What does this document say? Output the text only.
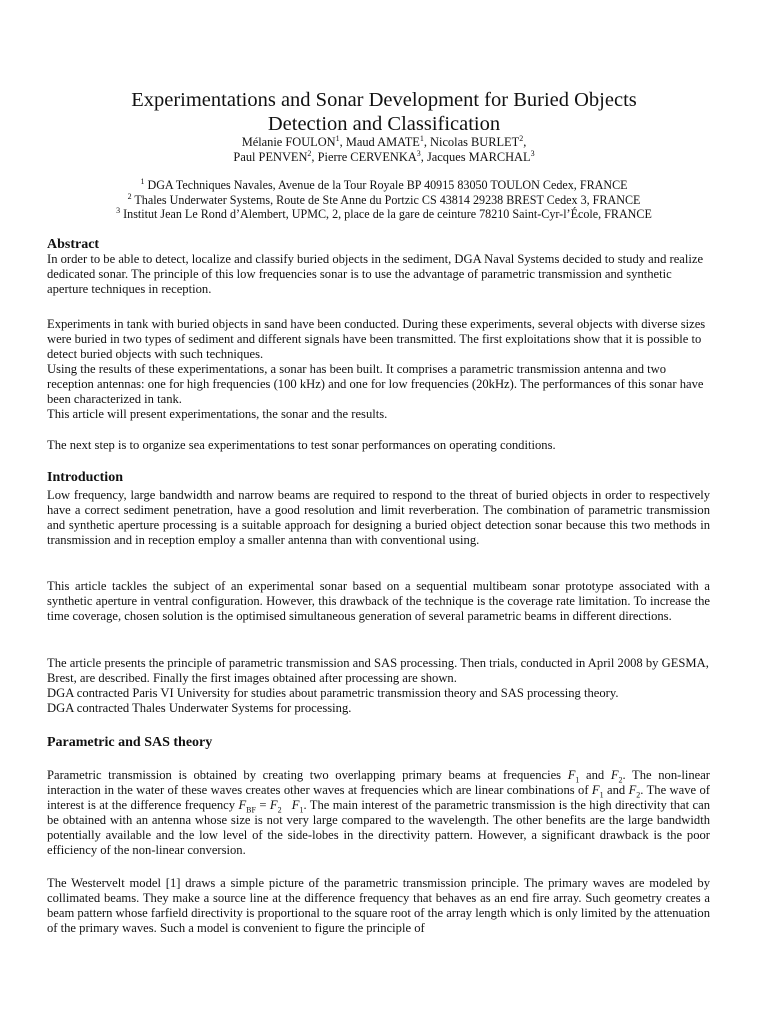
Experimentations and Sonar Development for Buried Objects
Detection and Classification
Mélanie FOULON$^1$, Maud AMATE$^1$, Nicolas BURLET$^2$,
Paul PENVEN$^2$, Pierre CERVENKA$^3$, Jacques MARCHAL$^3$
$^1$ DGA Techniques Navales, Avenue de la Tour Royale BP 40915 83050 TOULON Cedex, FRANCE
$^2$ Thales Underwater Systems, Route de Ste Anne du Portzic CS 43814 29238 BREST Cedex 3, FRANCE
$^3$ Institut Jean Le Rond d’Alembert, UPMC, 2, place de la gare de ceinture 78210 Saint-Cyr-l’École, FRANCE
Abstract

In order to be able to detect, localize and classify buried objects in the sediment, DGA Naval Systems decided to study and realize dedicated sonar. The principle of this low frequencies sonar is to use the advantage of parametric transmission and synthetic aperture techniques in reception.

Experiments in tank with buried objects in sand have been conducted. During these experiments, several objects with diverse sizes were buried in two types of sediment and different signals have been transmitted. The first exploitations show that it is possible to detect buried objects with such techniques.

Using the results of these experimentations, a sonar has been built. It comprises a parametric transmission antenna and two reception antennas: one for high frequencies (100 kHz) and one for low frequencies (20kHz). The performances of this sonar have been characterized in tank.

This article will present experimentations, the sonar and the results.

The next step is to organize sea experimentations to test sonar performances on operating conditions.

Introduction

Low frequency, large bandwidth and narrow beams are required to respond to the threat of buried objects in order to respectively have a correct sediment penetration, have a good resolution and limit reverberation. The combination of parametric transmission and synthetic aperture processing is a suitable approach for designing a buried object detection sonar because this two methods in transmission and in reception employ a smaller antenna than with conventional using.

This article tackles the subject of an experimental sonar based on a sequential multibeam sonar prototype associated with a synthetic aperture in ventral configuration. However, this drawback of the technique is the coverage rate limitation. To increase the time coverage, chosen solution is the optimised simultaneous generation of several parametric beams in different directions.

The article presents the principle of parametric transmission and SAS processing. Then trials, conducted in April 2008 by GESMA, Brest, are described. Finally the first images obtained after processing are shown.

DGA contracted Paris VI University for studies about parametric transmission theory and SAS processing theory.

DGA contracted Thales Underwater Systems for processing.

Parametric and SAS theory

Parametric transmission is obtained by creating two overlapping primary beams at frequencies $F_1$ and $F_2$. The non-linear interaction in the water of these waves creates other waves at frequencies which are linear combinations of $F_1$ and $F_2$. The wave of interest is at the difference frequency $F_{BF} = F_2$ $F_1$. The main interest of the parametric transmission is the high directivity that can be obtained with an antenna whose size is not very large compared to the wavelength. The other benefits are the large bandwidth potentially available and the low level of the side-lobes in the directivity pattern. However, a significant drawback is the poor efficiency of the non-linear conversion.

The Westervelt model [1] draws a simple picture of the parametric transmission principle. The primary waves are modeled by collimated beams. They make a source line at the difference frequency that behaves as an end fire array. Such geometry creates a beam pattern whose farfield directivity is proportional to the square root of the array length which is only limited by the attenuation of the primary waves. Such a model is convenient to figure the principle of
